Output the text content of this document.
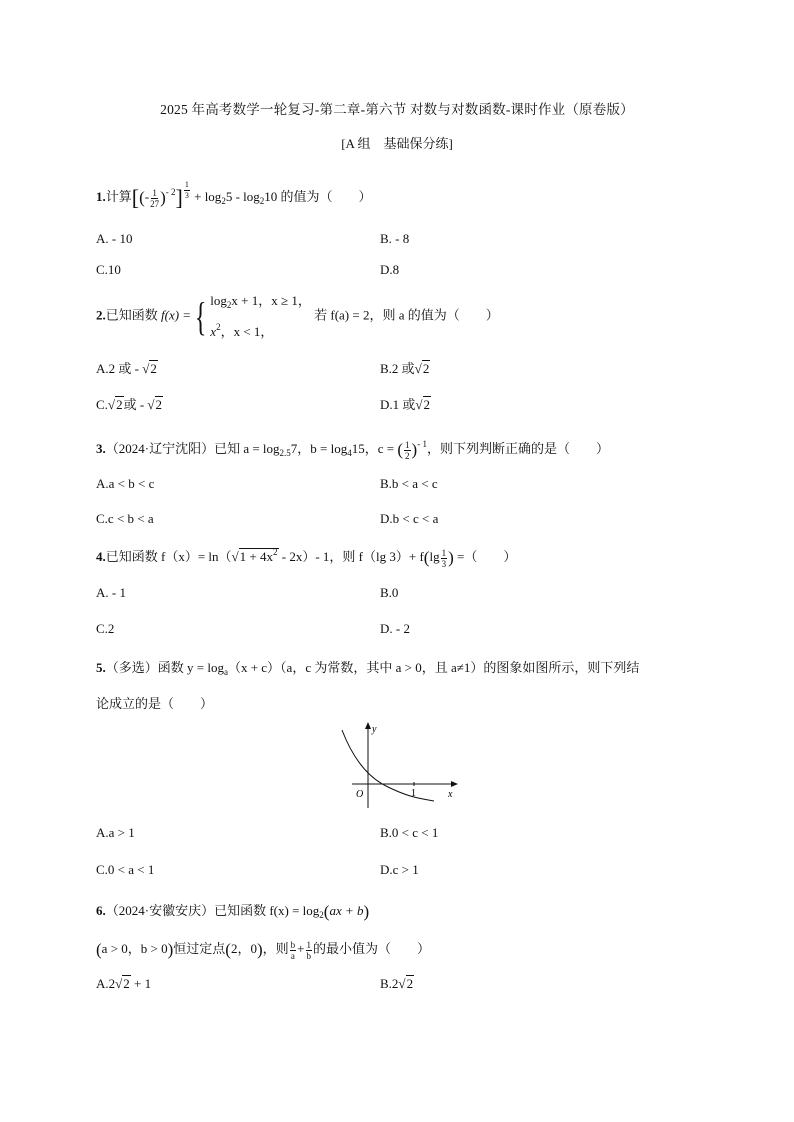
2025 年高考数学一轮复习-第二章-第六节 对数与对数函数-课时作业（原卷版）
[A 组　基础保分练]
1.计算[(- $\frac{1}{27} )^{- 2}] \frac{1}{3} + \log_25 - \log_210$ 的值为（　　）
A. - 10	B. - 8
C.10	D.8
2.已知函数 f(x) ={ $\log_2x + 1$，x ≥ 1，
$x^2$，x < 1，
若 f(a) = 2，则 a 的值为（　　）
A.2 或 - √2	B.2 或√2
C.√2或 - √2	D.1 或√2
3.（2024·辽宁沈阳）已知 $a = \log_{2.5}7$，$b = \log_415$，c = ( $\frac{1}{2} )^{- 1}$，则下列判断正确的是（　　）
A.a < b < c	B.b < a < c
C.c < b < a	D.b < c < a
4.已知函数 $f(x)= \ln(√1 + 4x^2 - 2x)-$ 1，则 f（lg $3)+ f(\lg \frac{1}{3}$ ) =（　　）
A. - 1	B.0
C.2	D. - 2
5.（多选）函数 $y = \log_a(x + c)(a$，c 为常数，其中 a > 0，且 a≠1）的图象如图所示，则下列结
论成立的是（　　）
y
x
O	1
A.a > 1	B.0 < c < 1
C.0 < a < 1	D.c > 1
6.（2024·安徽安庆）已知函数 $f(x) = \log_2(ax + b)$
(a > 0，b > 0)恒过定点(2，0)，则 $\frac{b}{a} + \frac{1}{b}$ 的最小值为（　　）
A.2√2 + 1	B.2√2
